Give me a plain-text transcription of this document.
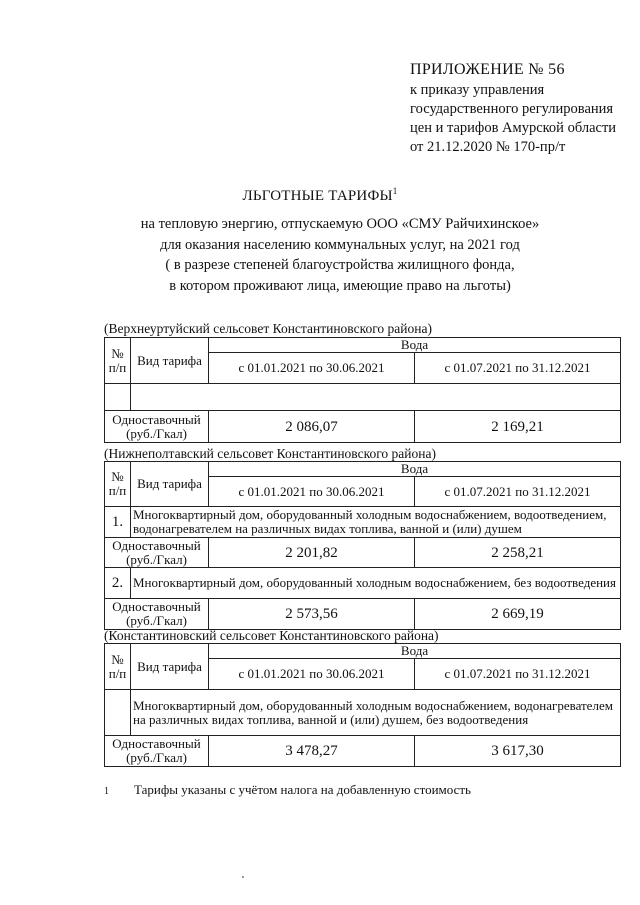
ПРИЛОЖЕНИЕ № 56
к приказу управления
государственного регулирования
цен и тарифов Амурской области
от 21.12.2020 № 170-пр/т
ЛЬГОТНЫЕ ТАРИФЫ$^1$
на тепловую энергию, отпускаемую ООО «СМУ Райчихинское»
для оказания населению коммунальных услуг, на 2021 год
( в разрезе степеней благоустройства жилищного фонда,
в котором проживают лица, имеющие право на льготы)
(Верхнеуртуйский сельсовет Константиновского района)
№ п/п	Вид тарифа	Вода	
		с 01.01.2021 по 30.06.2021	с 01.07.2021 по 31.12.2021

Одноставочный (руб./Гкал)		2 086,07	2 169,21
(Нижнеполтавский сельсовет Константиновского района)
№ п/п	Вид тарифа	Вода	
		с 01.01.2021 по 30.06.2021	с 01.07.2021 по 31.12.2021
1.	Многоквартирный дом, оборудованный холодным водоснабжением, водоотведением, водонагревателем на различных видах топлива, ванной и (или) душем		
Одноставочный (руб./Гкал)		2 201,82	2 258,21
2.	Многоквартирный дом, оборудованный холодным водоснабжением, без водоотведения		
Одноставочный (руб./Гкал)		2 573,56	2 669,19
(Константиновский сельсовет Константиновского района)
№ п/п	Вид тарифа	Вода	
		с 01.01.2021 по 30.06.2021	с 01.07.2021 по 31.12.2021
	Многоквартирный дом, оборудованный холодным водоснабжением, водонагревателем на различных видах топлива, ванной и (или) душем, без водоотведения		
Одноставочный (руб./Гкал)		3 478,27	3 617,30
1 Тарифы указаны с учётом налога на добавленную стоимость
